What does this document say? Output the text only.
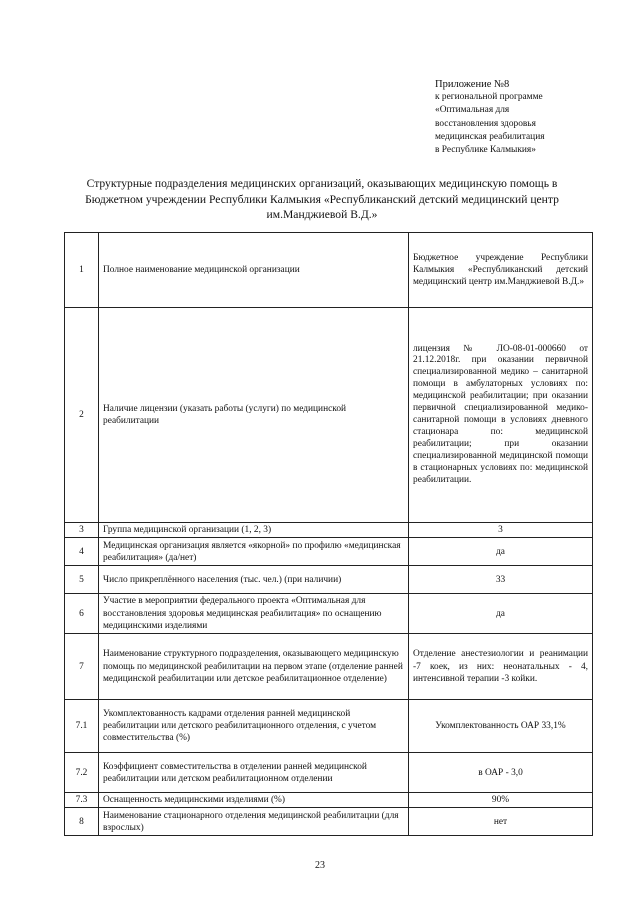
Приложение №8
к региональной программе
«Оптимальная для
восстановления здоровья
медицинская реабилитация
в Республике Калмыкия»
Структурные подразделения медицинских организаций, оказывающих медицинскую помощь в Бюджетном учреждении Республики Калмыкия «Республиканский детский медицинский центр им.Манджиевой В.Д.»
1	Полное наименование медицинской организации	Бюджетное учреждение Республики Калмыкия «Республиканский детский медицинский центр им.Манджиевой В.Д.»
2	Наличие лицензии (указать работы (услуги) по медицинской реабилитации	лицензия № ЛО-08-01-000660 от 21.12.2018г. при оказании первичной специализированной медико – санитарной помощи в амбулаторных условиях по: медицинской реабилитации; при оказании первичной специализированной медико-санитарной помощи в условиях дневного стационара по: медицинской реабилитации; при оказании специализированной медицинской помощи в стационарных условиях по: медицинской реабилитации.
3	Группа медицинской организации (1, 2, 3)	3
4	Медицинская организация является «якорной» по профилю «медицинская реабилитация» (да/нет)	да
5	Число прикреплённого населения (тыс. чел.) (при наличии)	33
6	Участие в мероприятии федерального проекта «Оптимальная для восстановления здоровья медицинская реабилитация» по оснащению медицинскими изделиями	да
7	Наименование структурного подразделения, оказывающего медицинскую помощь по медицинской реабилитации на первом этапе (отделение ранней медицинской реабилитации или детское реабилитационное отделение)	Отделение анестезиологии и реанимации -7 коек, из них: неонатальных - 4, интенсивной терапии -3 койки.
7.1	Укомплектованность кадрами отделения ранней медицинской реабилитации или детского реабилитационного отделения, с учетом совместительства (%)	Укомплектованность ОАР 33,1%
7.2	Коэффициент совместительства в отделении ранней медицинской реабилитации или детском реабилитационном отделении	в ОАР - 3,0
7.3	Оснащенность медицинскими изделиями (%)	90%
8	Наименование стационарного отделения медицинской реабилитации (для взрослых)	нет
23
